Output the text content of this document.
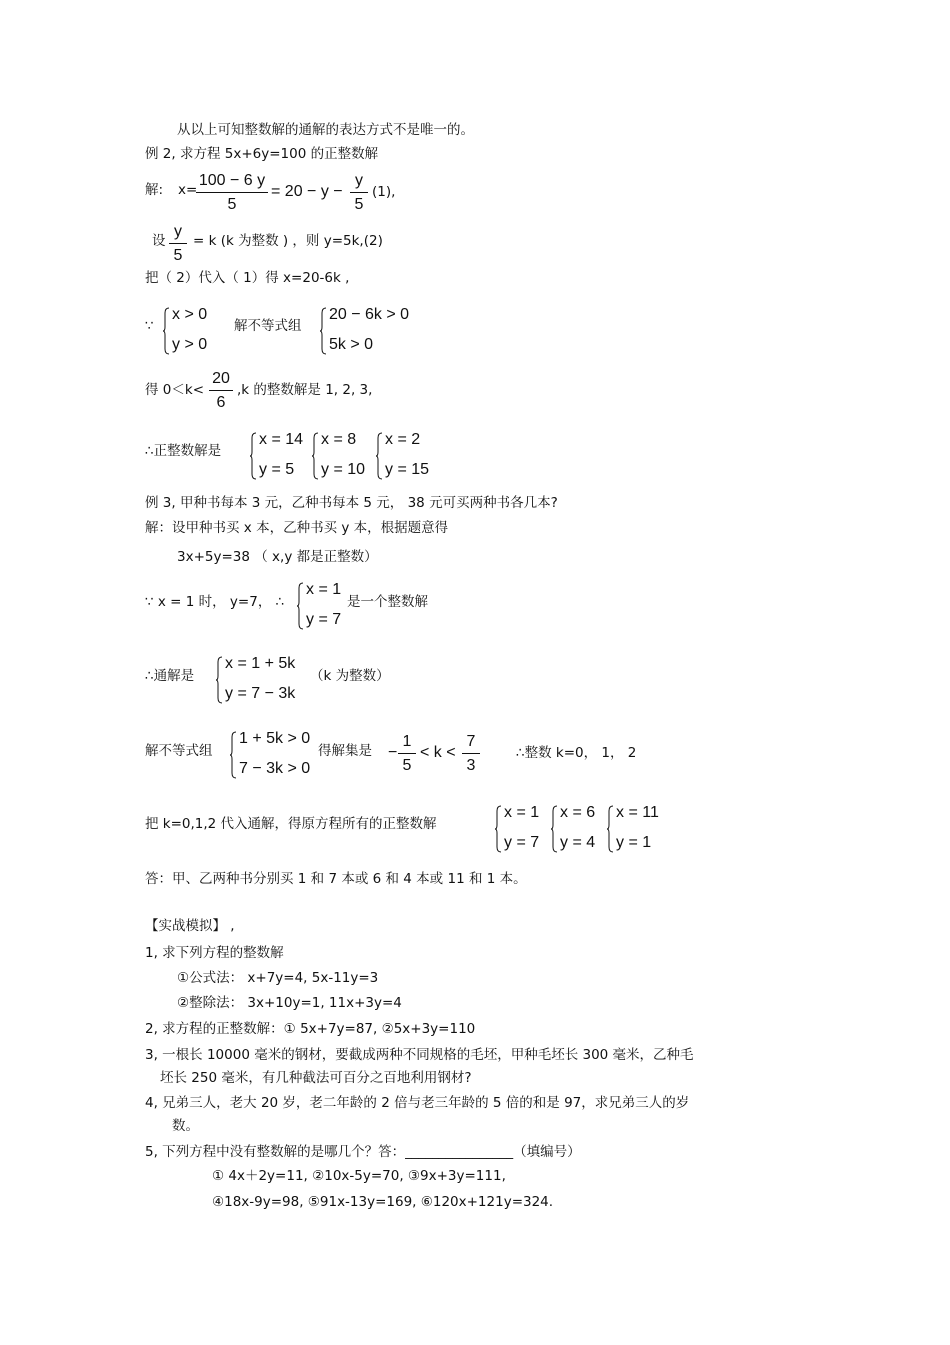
从以上可知整数解的通解的表达方式不是唯一的。
例 2, 求方程 5x+6y=100 的正整数解
解: x=
100 − 6 y
5
= 20 − y −
y
5
(1),
设
y
5
= k (k 为整数 ) ，则 y=5k,(2)
把（ 2）代入（ 1）得 x=20-6k ,
∵
x > 0
y > 0
解不等式组
20 − 6k > 0
5k > 0
得 0＜k<
20
6
,k 的整数解是 1, 2, 3,
∴正整数解是
x = 14
y = 5
x = 8
y = 10
x = 2
y = 15
例 3, 甲种书每本 3 元，乙种书每本 5 元， 38 元可买两种书各几本?
解：设甲种书买 x 本，乙种书买 y 本，根据题意得
3x+5y=38 （ x,y 都是正整数）
∵ x = 1 时， y=7， ∴
x = 1
y = 7
是一个整数解
∴通解是
x = 1 + 5k
y = 7 − 3k
（k 为整数）
解不等式组
1 + 5k > 0
7 − 3k > 0
得解集是 −
1
5
< k <
7
3
∴整数 k=0， 1， 2
把 k=0,1,2 代入通解，得原方程所有的正整数解
x = 1
y = 7
x = 6
y = 4
x = 11
y = 1
答：甲、乙两种书分别买 1 和 7 本或 6 和 4 本或 11 和 1 本。
【实战模拟】 ,
1, 求下列方程的整数解
①公式法： x+7y=4, 5x-11y=3
②整除法： 3x+10y=1, 11x+3y=4
2, 求方程的正整数解：① 5x+7y=87, ②5x+3y=110
3, 一根长 10000 毫米的钢材，要截成两种不同规格的毛坯，甲种毛坯长 300 毫米，乙种毛
坯长 250 毫米，有几种截法可百分之百地利用钢材?
4, 兄弟三人，老大 20 岁，老二年龄的 2 倍与老三年龄的 5 倍的和是 97，求兄弟三人的岁
数。
5, 下列方程中没有整数解的是哪几个？答：________________（填编号）
① 4x＋2y=11, ②10x-5y=70, ③9x+3y=111,
④18x-9y=98, ⑤91x-13y=169, ⑥120x+121y=324.
